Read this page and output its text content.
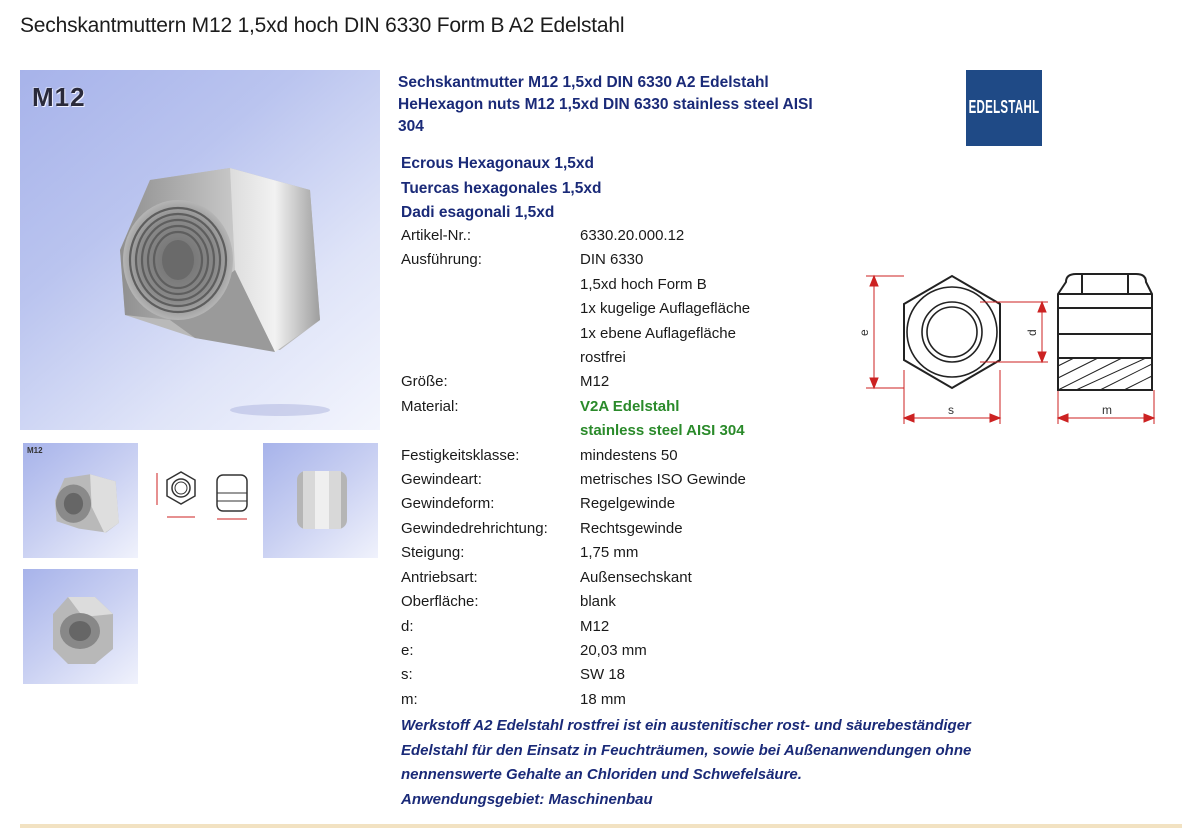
Sechskantmuttern M12 1,5xd hoch DIN 6330 Form B A2 Edelstahl
M12
M12
Sechskantmutter M12 1,5xd DIN 6330 A2 Edelstahl
HeHexagon nuts M12 1,5xd DIN 6330 stainless steel AISI
304
EDELSTAHL
Ecrous Hexagonaux 1,5xd
Tuercas hexagonales 1,5xd
Dadi esagonali 1,5xd
Artikel-Nr.:	6330.20.000.12
Ausführung:	DIN 6330
1,5xd hoch Form B
1x kugelige Auflagefläche
1x ebene Auflagefläche
rostfrei
Größe:	M12
Material:	V2A Edelstahl
stainless steel AISI 304
Festigkeitsklasse:	mindestens 50
Gewindeart:	metrisches ISO Gewinde
Gewindeform:	Regelgewinde
Gewindedrehrichtung:	Rechtsgewinde
Steigung:	1,75 mm
Antriebsart:	Außensechskant
Oberfläche:	blank
d:	M12
e:	20,03 mm
s:	SW 18
m:	18 mm
e
s
d
m

Werkstoff A2 Edelstahl rostfrei ist ein austenitischer rost- und säurebeständiger

Edelstahl für den Einsatz in Feuchträumen, sowie bei Außenanwendungen ohne

nennenswerte Gehalte an Chloriden und Schwefelsäure.

Anwendungsgebiet: Maschinenbau
